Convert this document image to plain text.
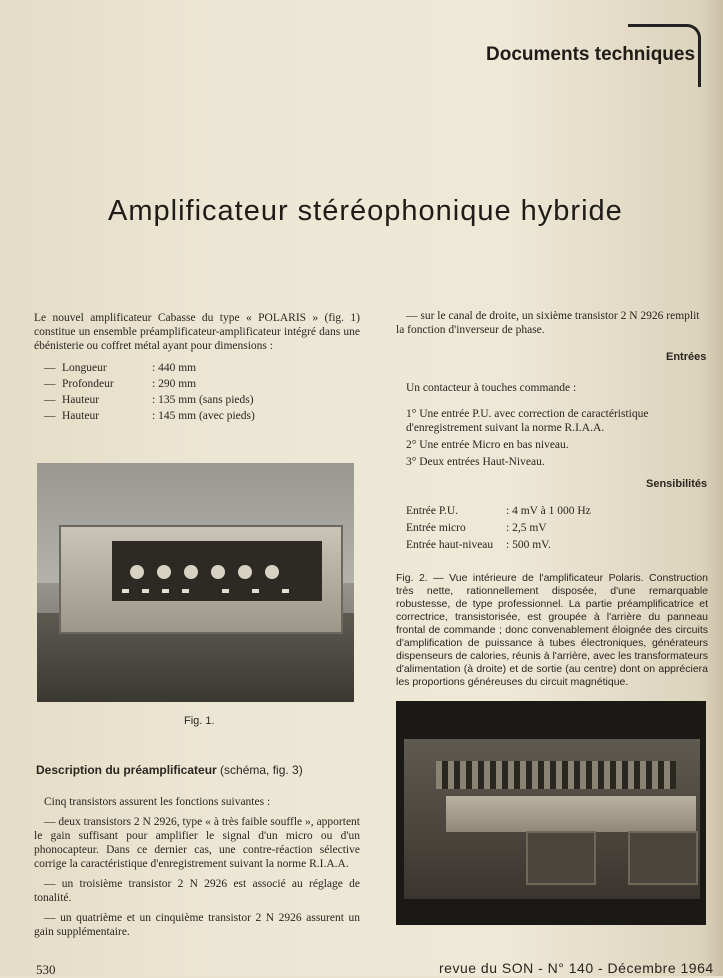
Documents techniques
Amplificateur stéréophonique hybride
Le nouvel amplificateur Cabasse du type « POLARIS » (fig. 1) constitue un ensemble préamplificateur-amplificateur intégré dans une ébénisterie ou coffret métal ayant pour dimensions :
— Longueur	: 440 mm
— Profondeur	: 290 mm
— Hauteur	: 135 mm (sans pieds)
— Hauteur	: 145 mm (avec pieds)
Fig. 1.
Description du préamplificateur (schéma, fig. 3)

Cinq transistors assurent les fonctions suivantes :

— deux transistors 2 N 2926, type « à très faible souffle », apportent le gain suffisant pour amplifier le signal d'un micro ou d'un phonocapteur. Dans ce dernier cas, une contre-réaction sélective corrige la caractéristique d'enregistrement suivant la norme R.I.A.A.

— un troisième transistor 2 N 2926 est associé au réglage de tonalité.

— un quatrième et un cinquième transistor 2 N 2926 assurent un gain supplémentaire.

— sur le canal de droite, un sixième transistor 2 N 2926 remplit la fonction d'inverseur de phase.
Entrées

Un contacteur à touches commande :

1° Une entrée P.U. avec correction de caractéristique d'enregistrement suivant la norme R.I.A.A.

2° Une entrée Micro en bas niveau.

3° Deux entrées Haut-Niveau.

Sensibilités
Entrée P.U.	: 4 mV à 1 000 Hz
Entrée micro	: 2,5 mV
Entrée haut-niveau	: 500 mV.
Fig. 2. — Vue intérieure de l'amplificateur Polaris. Construction très nette, rationnellement disposée, d'une remarquable robustesse, de type professionnel. La partie préamplificatrice et correctrice, transistorisée, est groupée à l'arrière du panneau frontal de commande ; donc convenablement éloignée des circuits d'amplification de puissance à tubes électroniques, générateurs dispenseurs de calories, réunis à l'arrière, avec les transformateurs d'alimentation (à droite) et de sortie (au centre) dont on appréciera les proportions généreuses du circuit magnétique.
530	revue du SON - N° 140 - Décembre 1964
